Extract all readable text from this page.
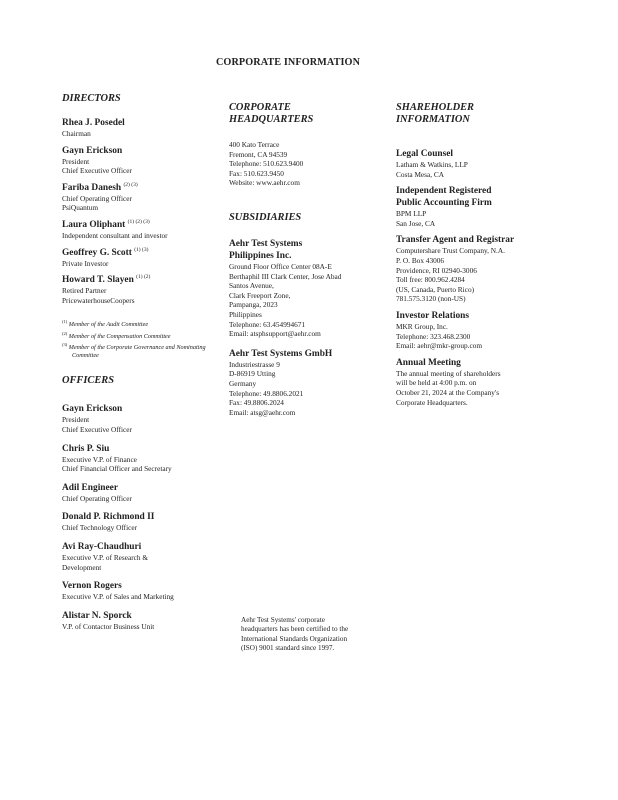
CORPORATE INFORMATION
DIRECTORS
Rhea J. Posedel
Chairman
Gayn Erickson
President
Chief Executive Officer
Fariba Danesh $^{(2) (3)}$
Chief Operating Officer
PsiQuantum
Laura Oliphant $^{(1) (2) (3)}$
Independent consultant and investor
Geoffrey G. Scott $^{(1) (3)}$
Private Investor
Howard T. Slayen $^{(1) (2)}$
Retired Partner
PricewaterhouseCoopers
$^{(1)}$ Member of the Audit Committee
$^{(2)}$ Member of the Compensation Committee
$^{(3)}$ Member of the Corporate Governance and Nominating Committee
OFFICERS
Gayn Erickson
President
Chief Executive Officer
Chris P. Siu
Executive V.P. of Finance
Chief Financial Officer and Secretary
Adil Engineer
Chief Operating Officer
Donald P. Richmond II
Chief Technology Officer
Avi Ray-Chaudhuri
Executive V.P. of Research &
Development
Vernon Rogers
Executive V.P. of Sales and Marketing
Alistar N. Sporck
V.P. of Contactor Business Unit
CORPORATE
HEADQUARTERS
400 Kato Terrace
Fremont, CA 94539
Telephone: 510.623.9400
Fax: 510.623.9450
Website: www.aehr.com
SUBSIDIARIES
Aehr Test Systems
Philippines Inc.
Ground Floor Office Center 08A-E
Berthaphil III Clark Center, Jose Abad
Santos Avenue,
Clark Freeport Zone,
Pampanga, 2023
Philippines
Telephone: 63.454994671
Email: atsphsupport@aehr.com
Aehr Test Systems GmbH
Industriestrasse 9
D-86919 Utting
Germany
Telephone: 49.8806.2021
Fax: 49.8806.2024
Email: atsg@aehr.com
SHAREHOLDER
INFORMATION
Legal Counsel
Latham & Watkins, LLP
Costa Mesa, CA
Independent Registered
Public Accounting Firm
BPM LLP
San Jose, CA
Transfer Agent and Registrar
Computershare Trust Company, N.A.
P. O. Box 43006
Providence, RI 02940-3006
Toll free: 800.962.4284
(US, Canada, Puerto Rico)
781.575.3120 (non-US)
Investor Relations
MKR Group, Inc.
Telephone: 323.468.2300
Email: aehr@mkr-group.com
Annual Meeting
The annual meeting of shareholders
will be held at 4:00 p.m. on
October 21, 2024 at the Company's
Corporate Headquarters.
Aehr Test Systems' corporate
headquarters has been certified to the
International Standards Organization
(ISO) 9001 standard since 1997.
